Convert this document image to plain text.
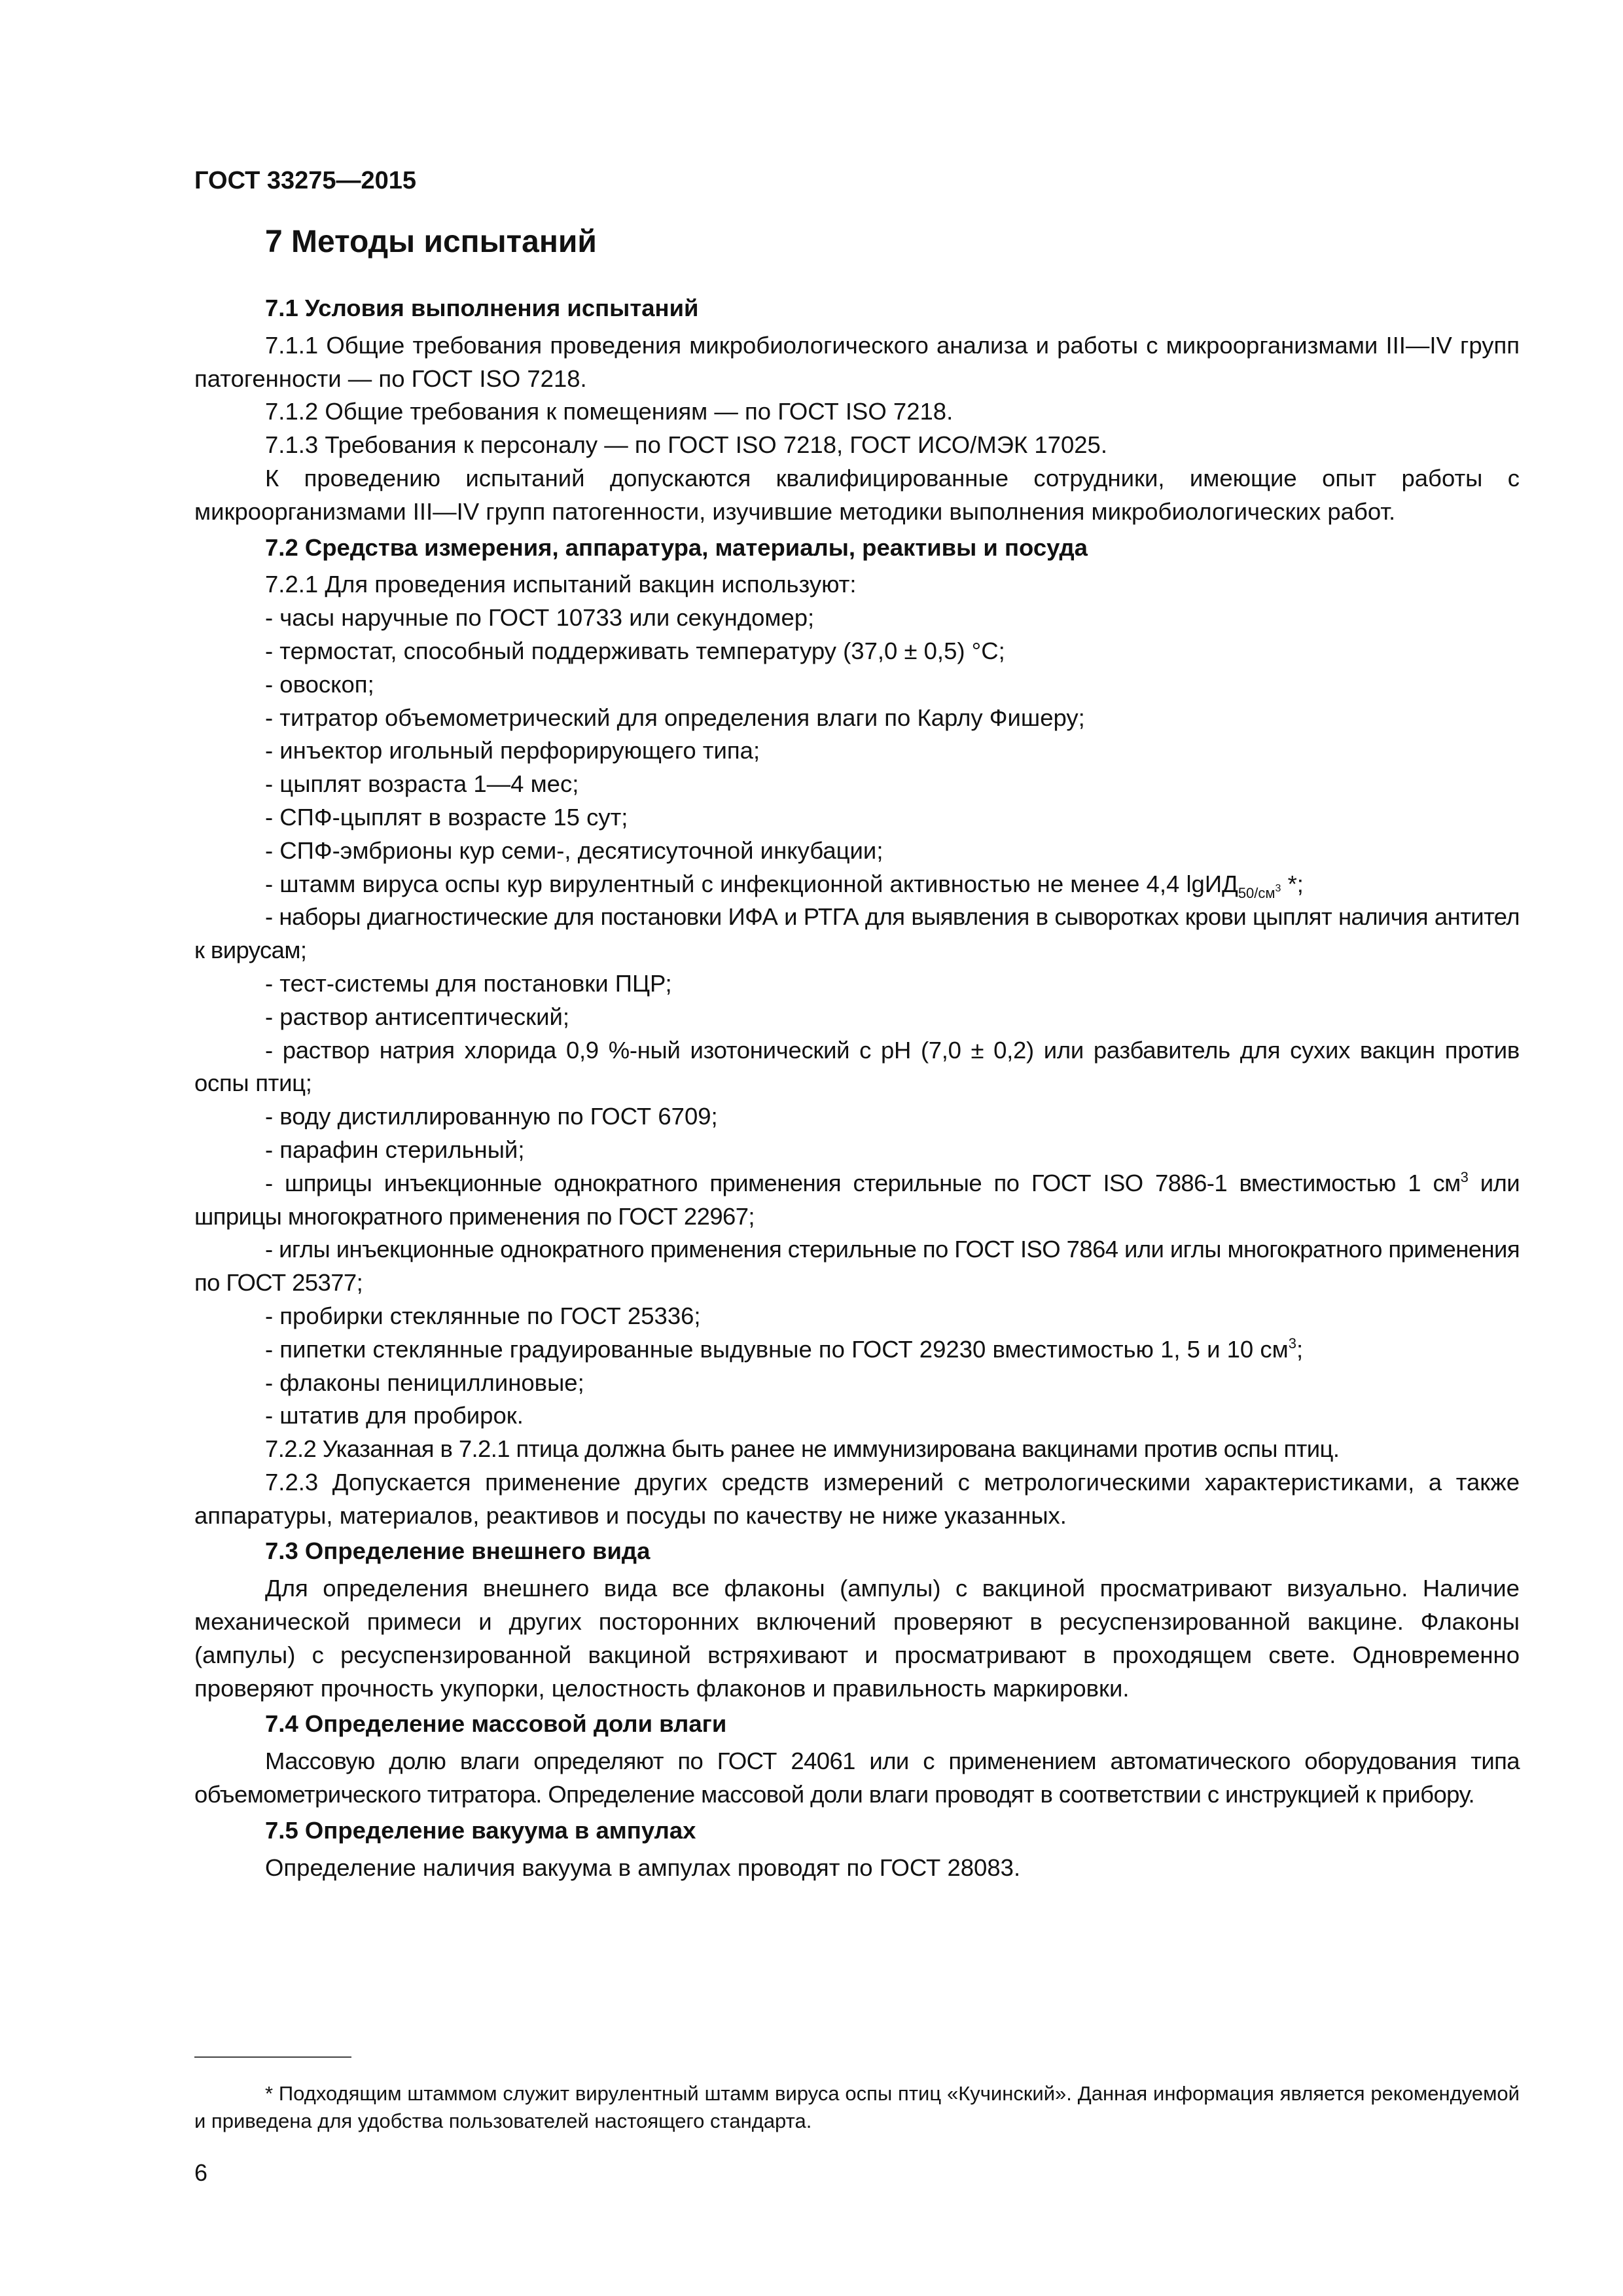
ГОСТ 33275—2015

7 Методы испытаний

7.1 Условия выполнения испытаний

7.1.1 Общие требования проведения микробиологического анализа и работы с микроорганизмами III—IV групп патогенности — по ГОСТ ISO 7218.

7.1.2 Общие требования к помещениям — по ГОСТ ISO 7218.

7.1.3 Требования к персоналу — по ГОСТ ISO 7218, ГОСТ ИСО/МЭК 17025.

К проведению испытаний допускаются квалифицированные сотрудники, имеющие опыт работы с микроорганизмами III—IV групп патогенности, изучившие методики выполнения микробиологических работ.

7.2 Средства измерения, аппаратура, материалы, реактивы и посуда

7.2.1 Для проведения испытаний вакцин используют:

- часы наручные по ГОСТ 10733 или секундомер;

- термостат, способный поддерживать температуру (37,0 ± 0,5) °С;

- овоскоп;

- титратор объемометрический для определения влаги по Карлу Фишеру;

- инъектор игольный перфорирующего типа;

- цыплят возраста 1—4 мес;

- СПФ-цыплят в возрасте 15 сут;

- СПФ-эмбрионы кур семи-, десятисуточной инкубации;

- штамм вируса оспы кур вирулентный с инфекционной активностью не менее 4,4 lgИД$_{50/см^3}$ *;

- наборы диагностические для постановки ИФА и РТГА для выявления в сыворотках крови цыплят наличия антител к вирусам;

- тест-системы для постановки ПЦР;

- раствор антисептический;

- раствор натрия хлорида 0,9 %-ный изотонический с pH (7,0 ± 0,2) или разбавитель для сухих вакцин против оспы птиц;

- воду дистиллированную по ГОСТ 6709;

- парафин стерильный;

- шприцы инъекционные однократного применения стерильные по ГОСТ ISO 7886-1 вместимостью 1 $см^3$ или шприцы многократного применения по ГОСТ 22967;

- иглы инъекционные однократного применения стерильные по ГОСТ ISO 7864 или иглы многократного применения по ГОСТ 25377;

- пробирки стеклянные по ГОСТ 25336;

- пипетки стеклянные градуированные выдувные по ГОСТ 29230 вместимостью 1, 5 и 10 $см^3$;

- флаконы пенициллиновые;

- штатив для пробирок.

7.2.2 Указанная в 7.2.1 птица должна быть ранее не иммунизирована вакцинами против оспы птиц.

7.2.3 Допускается применение других средств измерений с метрологическими характеристиками, а также аппаратуры, материалов, реактивов и посуды по качеству не ниже указанных.

7.3 Определение внешнего вида

Для определения внешнего вида все флаконы (ампулы) с вакциной просматривают визуально. Наличие механической примеси и других посторонних включений проверяют в ресуспензированной вакцине. Флаконы (ампулы) с ресуспензированной вакциной встряхивают и просматривают в проходящем свете. Одновременно проверяют прочность укупорки, целостность флаконов и правильность маркировки.

7.4 Определение массовой доли влаги

Массовую долю влаги определяют по ГОСТ 24061 или с применением автоматического оборудования типа объемометрического титратора. Определение массовой доли влаги проводят в соответствии с инструкцией к прибору.

7.5 Определение вакуума в ампулах

Определение наличия вакуума в ампулах проводят по ГОСТ 28083.

* Подходящим штаммом служит вирулентный штамм вируса оспы птиц «Кучинский». Данная информация является рекомендуемой и приведена для удобства пользователей настоящего стандарта.

6
